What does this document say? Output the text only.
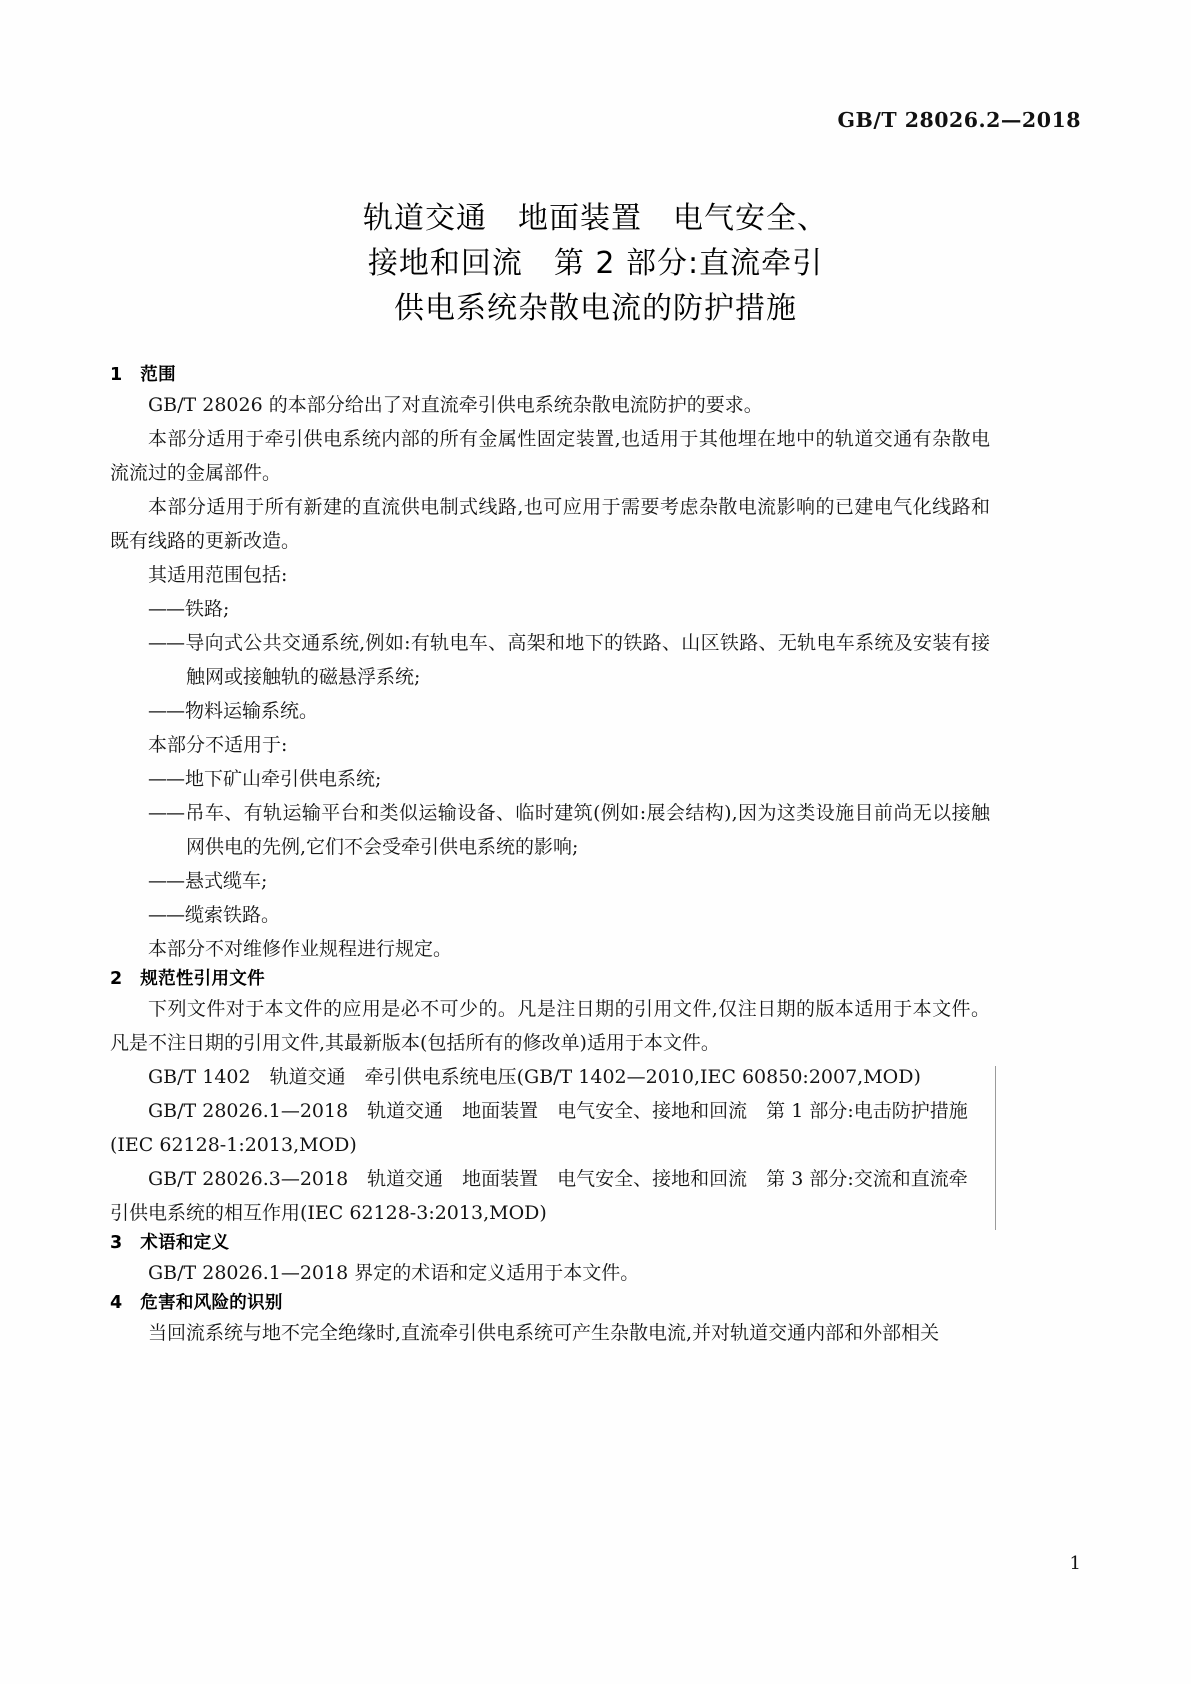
GB/T 28026.2—2018
轨道交通　地面装置　电气安全、
接地和回流　第 2 部分:直流牵引
供电系统杂散电流的防护措施
1　范围

GB/T 28026 的本部分给出了对直流牵引供电系统杂散电流防护的要求。

本部分适用于牵引供电系统内部的所有金属性固定装置,也适用于其他埋在地中的轨道交通有杂散电流流过的金属部件。

本部分适用于所有新建的直流供电制式线路,也可应用于需要考虑杂散电流影响的已建电气化线路和既有线路的更新改造。

其适用范围包括:

——铁路;

——导向式公共交通系统,例如:有轨电车、高架和地下的铁路、山区铁路、无轨电车系统及安装有接触网或接触轨的磁悬浮系统;

——物料运输系统。

本部分不适用于:

——地下矿山牵引供电系统;

——吊车、有轨运输平台和类似运输设备、临时建筑(例如:展会结构),因为这类设施目前尚无以接触网供电的先例,它们不会受牵引供电系统的影响;

——悬式缆车;

——缆索铁路。

本部分不对维修作业规程进行规定。

2　规范性引用文件

下列文件对于本文件的应用是必不可少的。凡是注日期的引用文件,仅注日期的版本适用于本文件。凡是不注日期的引用文件,其最新版本(包括所有的修改单)适用于本文件。

GB/T 1402　轨道交通　牵引供电系统电压(GB/T 1402—2010,IEC 60850:2007,MOD)

GB/T 28026.1—2018　轨道交通　地面装置　电气安全、接地和回流　第 1 部分:电击防护措施

(IEC 62128-1:2013,MOD)

GB/T 28026.3—2018　轨道交通　地面装置　电气安全、接地和回流　第 3 部分:交流和直流牵

引供电系统的相互作用(IEC 62128-3:2013,MOD)

3　术语和定义

GB/T 28026.1—2018 界定的术语和定义适用于本文件。

4　危害和风险的识别

当回流系统与地不完全绝缘时,直流牵引供电系统可产生杂散电流,并对轨道交通内部和外部相关

1
